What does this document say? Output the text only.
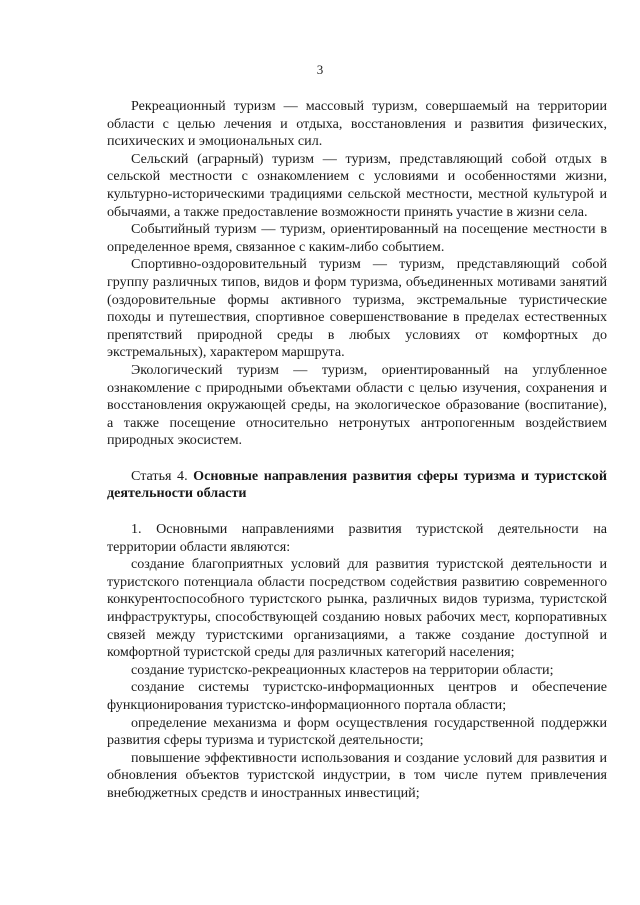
3

Рекреационный туризм — массовый туризм, совершаемый на территории области с целью лечения и отдыха, восстановления и развития физических, психических и эмоциональных сил.

Сельский (аграрный) туризм — туризм, представляющий собой отдых в сельской местности с ознакомлением с условиями и особенностями жизни, культурно-историческими традициями сельской местности, местной культурой и обычаями, а также предоставление возможности принять участие в жизни села.

Событийный туризм — туризм, ориентированный на посещение местности в определенное время, связанное с каким-либо событием.

Спортивно-оздоровительный туризм — туризм, представляющий собой группу различных типов, видов и форм туризма, объединенных мотивами занятий (оздоровительные формы активного туризма, экстремальные туристические походы и путешествия, спортивное совершенствование в пределах естественных препятствий природной среды в любых условиях от комфортных до экстремальных), характером маршрута.

Экологический туризм — туризм, ориентированный на углубленное ознакомление с природными объектами области с целью изучения, сохранения и восстановления окружающей среды, на экологическое образование (воспитание), а также посещение относительно нетронутых антропогенным воздействием природных экосистем.

Статья 4. Основные направления развития сферы туризма и туристской деятельности области

1. Основными направлениями развития туристской деятельности на территории области являются:

создание благоприятных условий для развития туристской деятельности и туристского потенциала области посредством содействия развитию современного конкурентоспособного туристского рынка, различных видов туризма, туристской инфраструктуры, способствующей созданию новых рабочих мест, корпоративных связей между туристскими организациями, а также создание доступной и комфортной туристской среды для различных категорий населения;

создание туристско-рекреационных кластеров на территории области;

создание системы туристско-информационных центров и обеспечение функционирования туристско-информационного портала области;

определение механизма и форм осуществления государственной поддержки развития сферы туризма и туристской деятельности;

повышение эффективности использования и создание условий для развития и обновления объектов туристской индустрии, в том числе путем привлечения внебюджетных средств и иностранных инвестиций;
